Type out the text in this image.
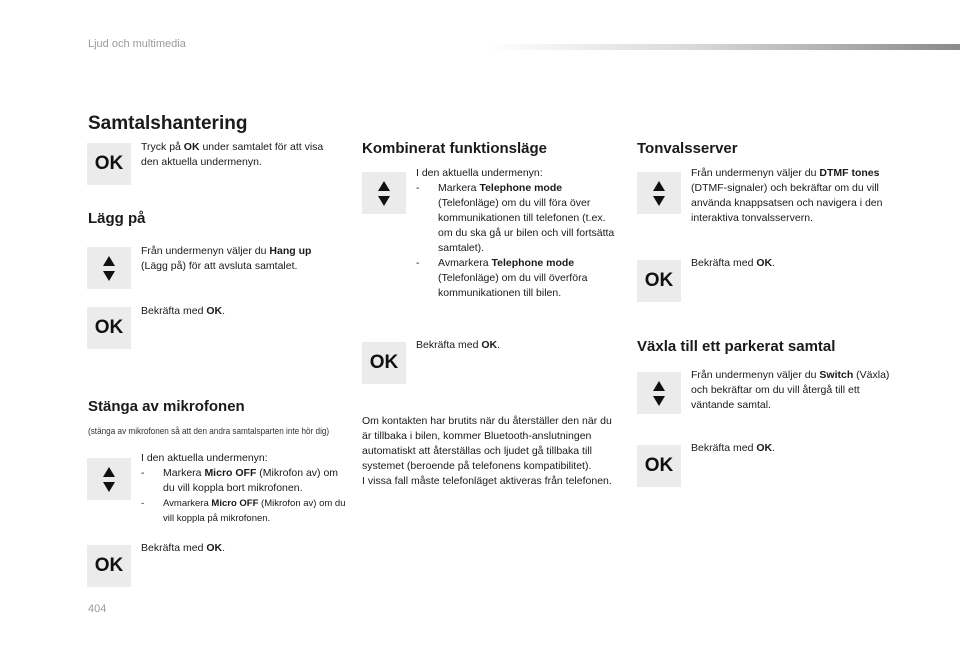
Ljud och multimedia
Samtalshantering
OK
Tryck på OK under samtalet för att visa den aktuella undermenyn.
Lägg på
Från undermenyn väljer du Hang up (Lägg på) för att avsluta samtalet.
OK
Bekräfta med OK.
Stänga av mikrofonen
(stänga av mikrofonen så att den andra samtalsparten inte hör dig)
I den aktuella undermenyn:
- Markera Micro OFF (Mikrofon av) om du vill koppla bort mikrofonen.
- Avmarkera Micro OFF (Mikrofon av) om du vill koppla på mikrofonen.
OK
Bekräfta med OK.
Kombinerat funktionsläge
I den aktuella undermenyn:
- Markera Telephone mode (Telefonläge) om du vill föra över kommunikationen till telefonen (t.ex. om du ska gå ur bilen och vill fortsätta samtalet).
- Avmarkera Telephone mode (Telefonläge) om du vill överföra kommunikationen till bilen.
OK
Bekräfta med OK.
Om kontakten har brutits när du återställer den när du är tillbaka i bilen, kommer Bluetooth-anslutningen automatiskt att återställas och ljudet gå tillbaka till systemet (beroende på telefonens kompatibilitet).
I vissa fall måste telefonläget aktiveras från telefonen.
Tonvalsserver
Från undermenyn väljer du DTMF tones (DTMF-signaler) och bekräftar om du vill använda knappsatsen och navigera i den interaktiva tonvalsservern.
OK
Bekräfta med OK.
Växla till ett parkerat samtal
Från undermenyn väljer du Switch (Växla) och bekräftar om du vill återgå till ett väntande samtal.
OK
Bekräfta med OK.
404
